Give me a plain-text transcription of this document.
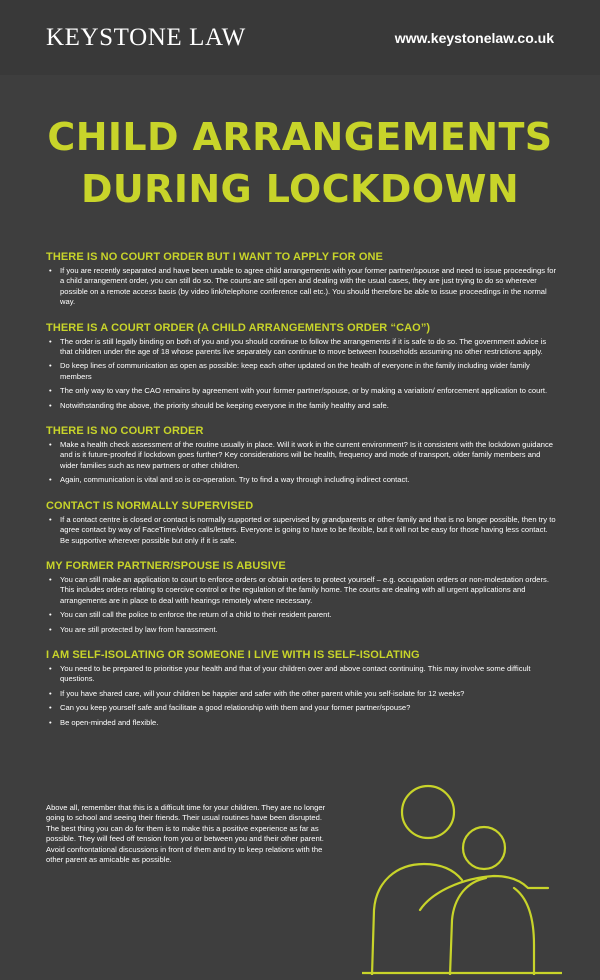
KEYSTONE LAW	www.keystonelaw.co.uk
CHILD ARRANGEMENTS
DURING LOCKDOWN
THERE IS NO COURT ORDER BUT I WANT TO APPLY FOR ONE
• If you are recently separated and have been unable to agree child arrangements with your former partner/spouse and need to issue proceedings for a child arrangement order, you can still do so. The courts are still open and dealing with the usual cases, they are just trying to do so wherever possible on a remote access basis (by video link/telephone conference call etc.). You should therefore be able to issue proceedings in the normal way.
THERE IS A COURT ORDER (A CHILD ARRANGEMENTS ORDER “CAO”)
• The order is still legally binding on both of you and you should continue to follow the arrangements if it is safe to do so. The government advice is that children under the age of 18 whose parents live separately can continue to move between households assuming no other restrictions apply.
• Do keep lines of communication as open as possible: keep each other updated on the health of everyone in the family including wider family members
• The only way to vary the CAO remains by agreement with your former partner/spouse, or by making a variation/ enforcement application to court.
• Notwithstanding the above, the priority should be keeping everyone in the family healthy and safe.
THERE IS NO COURT ORDER
• Make a health check assessment of the routine usually in place. Will it work in the current environment? Is it consistent with the lockdown guidance and is it future-proofed if lockdown goes further? Key considerations will be health, frequency and mode of transport, older family members and wider families such as new partners or other children.
• Again, communication is vital and so is co-operation. Try to find a way through including indirect contact.
CONTACT IS NORMALLY SUPERVISED
• If a contact centre is closed or contact is normally supported or supervised by grandparents or other family and that is no longer possible, then try to agree contact by way of FaceTime/video calls/letters. Everyone is going to have to be flexible, but it will not be easy for those having less contact. Be supportive wherever possible but only if it is safe.
MY FORMER PARTNER/SPOUSE IS ABUSIVE
• You can still make an application to court to enforce orders or obtain orders to protect yourself – e.g. occupation orders or non-molestation orders. This includes orders relating to coercive control or the regulation of the family home. The courts are dealing with all urgent applications and arrangements are in place to deal with hearings remotely where necessary.
• You can still call the police to enforce the return of a child to their resident parent.
• You are still protected by law from harassment.
I AM SELF-ISOLATING OR SOMEONE I LIVE WITH IS SELF-ISOLATING
• You need to be prepared to prioritise your health and that of your children over and above contact continuing. This may involve some difficult questions.
• If you have shared care, will your children be happier and safer with the other parent while you self-isolate for 12 weeks?
• Can you keep yourself safe and facilitate a good relationship with them and your former partner/spouse?
• Be open-minded and flexible.
Above all, remember that this is a difficult time for your children. They are no longer going to school and seeing their friends. Their usual routines have been disrupted. The best thing you can do for them is to make this a positive experience as far as possible. They will feed off tension from you or between you and their other parent. Avoid confrontational discussions in front of them and try to keep relations with the other parent as amicable as possible.
